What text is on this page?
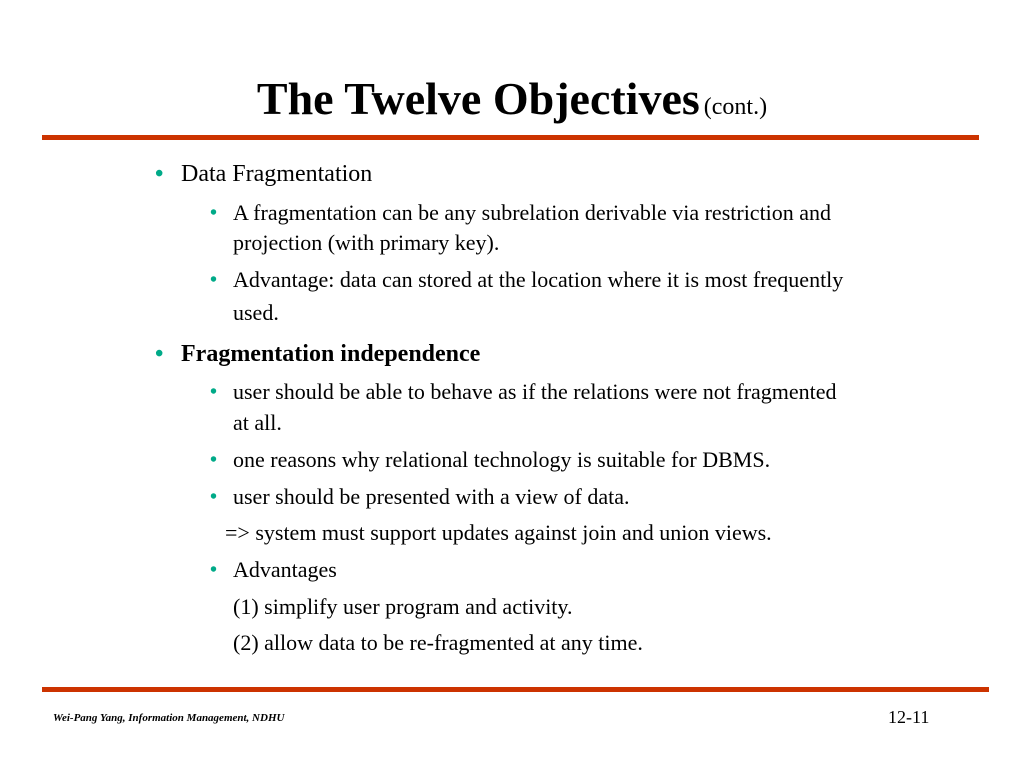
The Twelve Objectives (cont.)
• Data Fragmentation
• A fragmentation can be any subrelation derivable via restriction and
projection (with primary key).
• Advantage: data can stored at the location where it is most frequently
used.
• Fragmentation independence
• user should be able to behave as if the relations were not fragmented
at all.
• one reasons why relational technology is suitable for DBMS.
• user should be presented with a view of data.
=> system must support updates against join and union views.
• Advantages
(1) simplify user program and activity.
(2) allow data to be re-fragmented at any time.
Wei-Pang Yang, Information Management, NDHU	12-11
